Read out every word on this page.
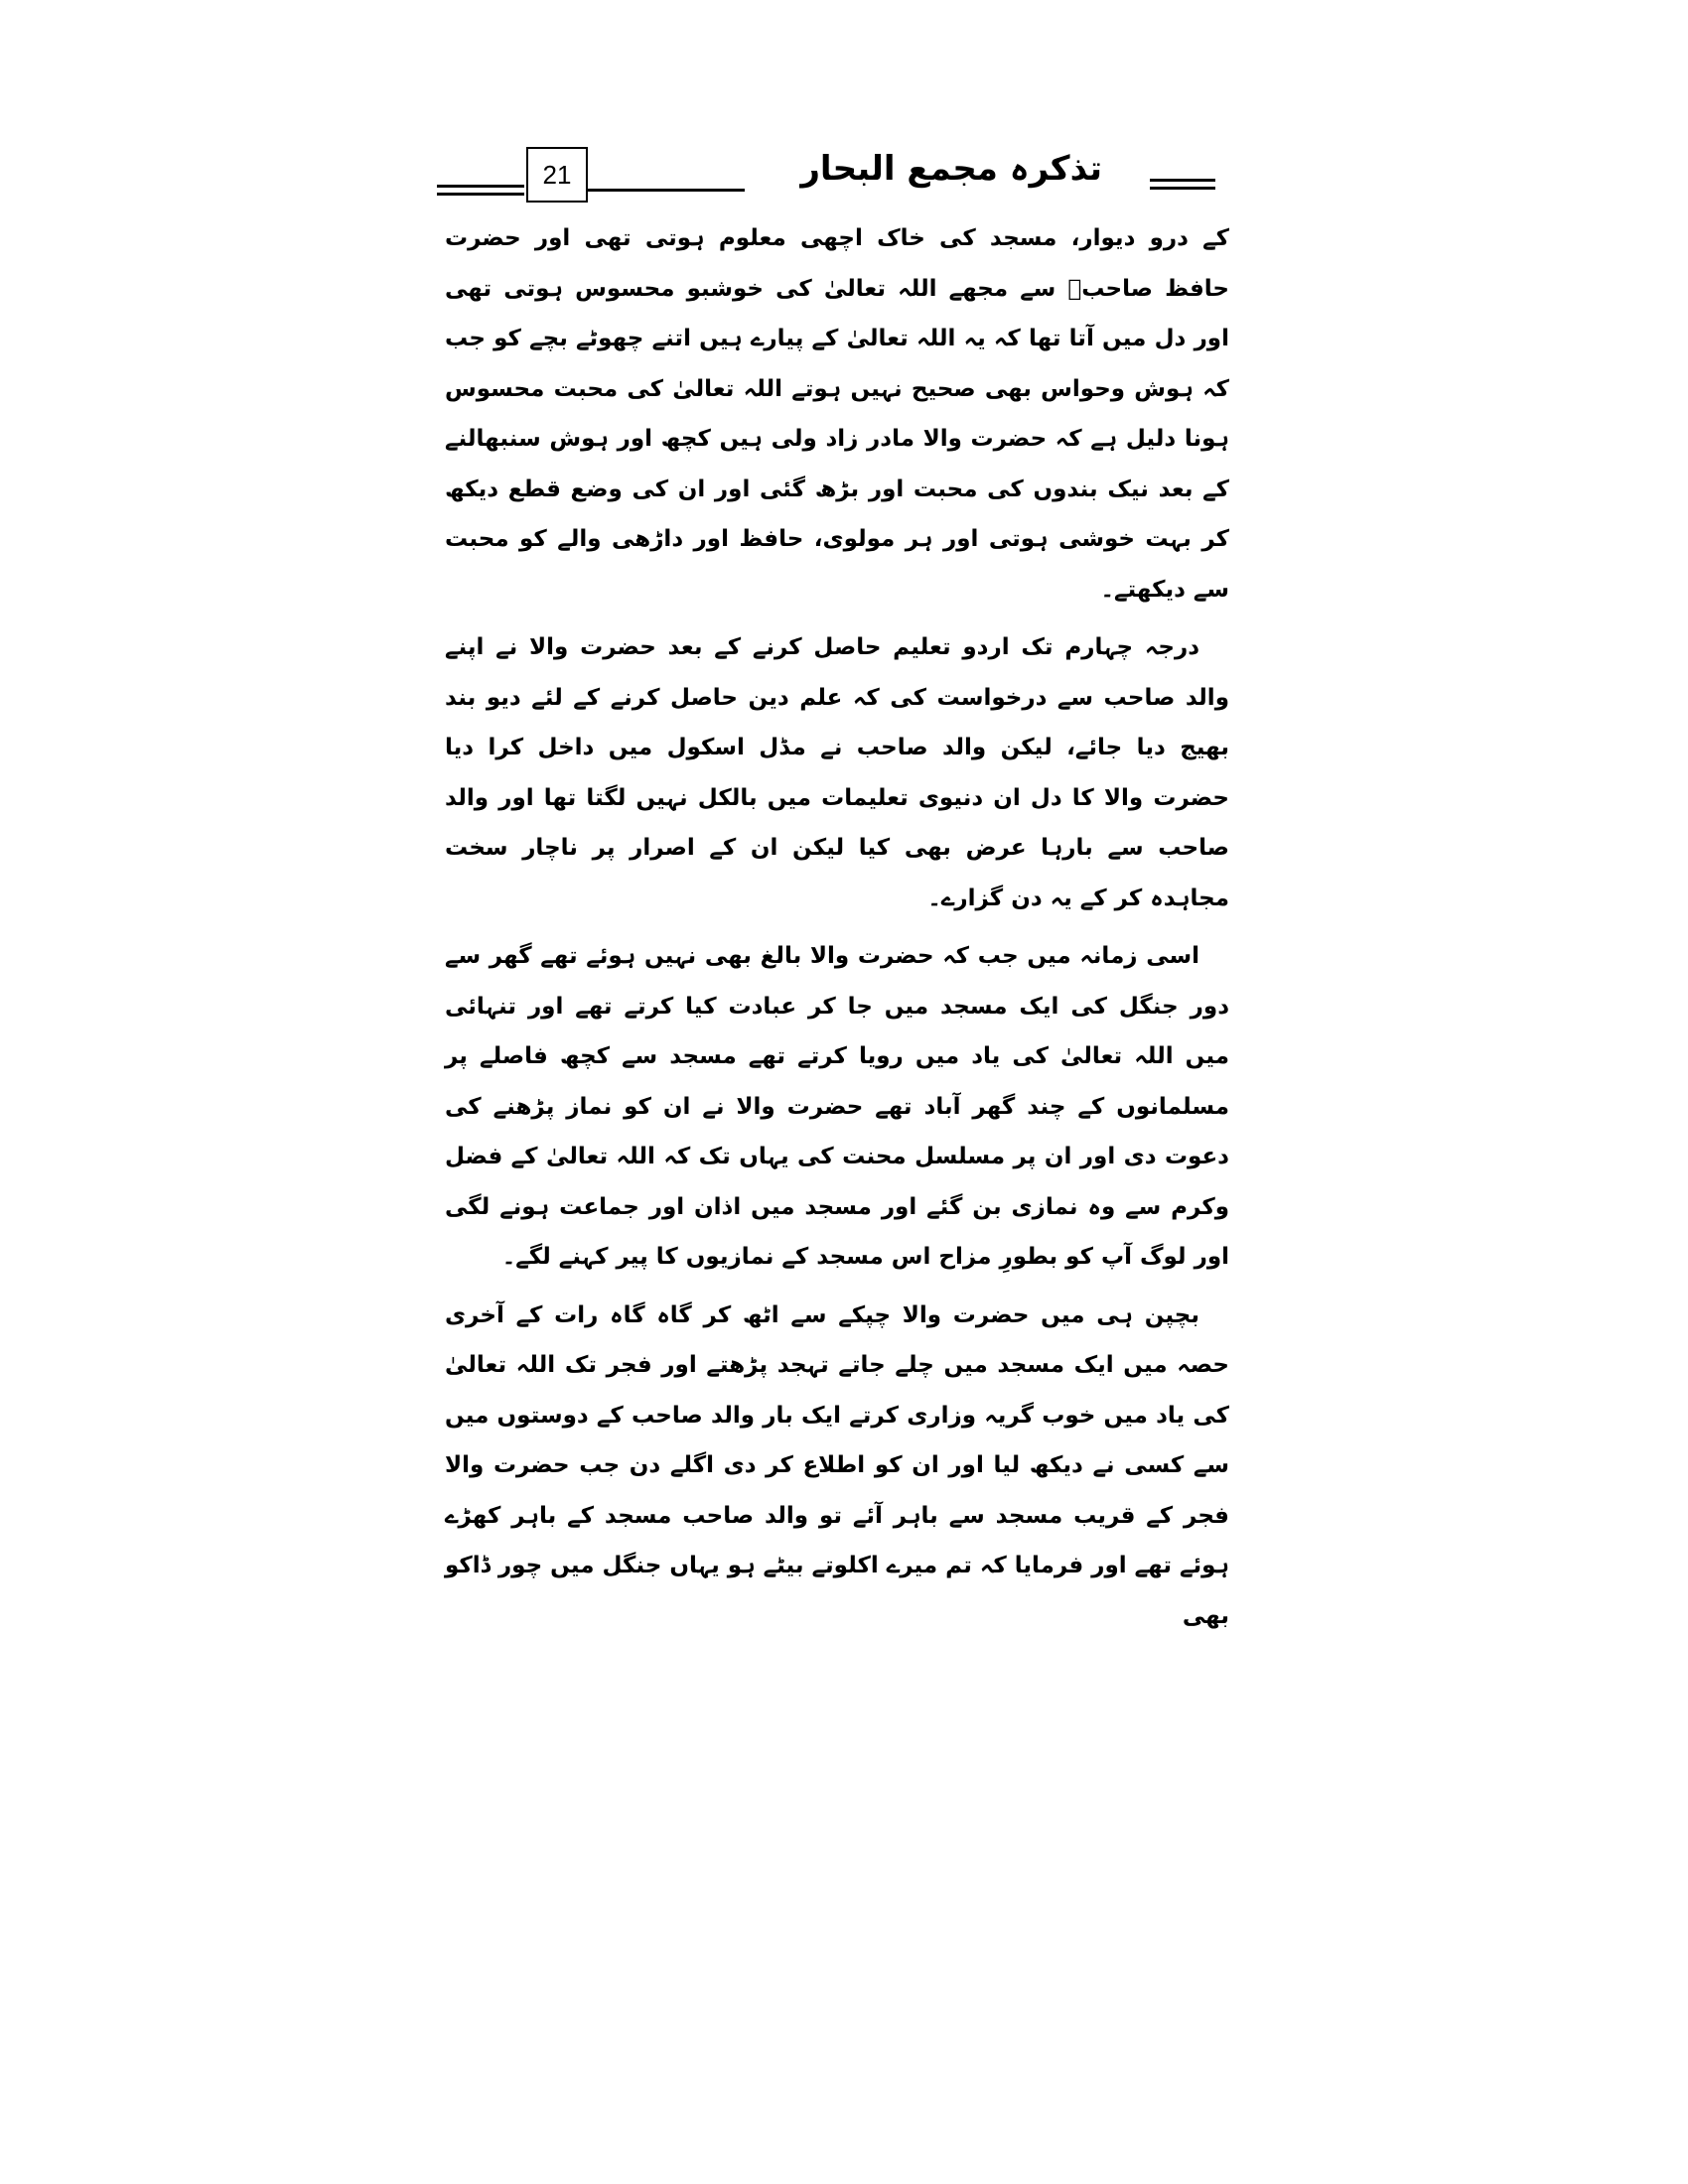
21	تذکرہ مجمع البحار

کے درو دیوار، مسجد کی خاک اچھی معلوم ہوتی تھی اور حضرت حافظ صاحبؒ سے مجھے اللہ تعالیٰ کی خوشبو محسوس ہوتی تھی اور دل میں آتا تھا کہ یہ اللہ تعالیٰ کے پیارے ہیں اتنے چھوٹے بچے کو جب کہ ہوش وحواس بھی صحیح نہیں ہوتے اللہ تعالیٰ کی محبت محسوس ہونا دلیل ہے کہ حضرت والا مادر زاد ولی ہیں کچھ اور ہوش سنبھالنے کے بعد نیک بندوں کی محبت اور بڑھ گئی اور ان کی وضع قطع دیکھ کر بہت خوشی ہوتی اور ہر مولوی، حافظ اور داڑھی والے کو محبت سے دیکھتے۔

درجہ چہارم تک اردو تعلیم حاصل کرنے کے بعد حضرت والا نے اپنے والد صاحب سے درخواست کی کہ علم دین حاصل کرنے کے لئے دیو بند بھیج دیا جائے، لیکن والد صاحب نے مڈل اسکول میں داخل کرا دیا حضرت والا کا دل ان دنیوی تعلیمات میں بالکل نہیں لگتا تھا اور والد صاحب سے بارہا عرض بھی کیا لیکن ان کے اصرار پر ناچار سخت مجاہدہ کر کے یہ دن گزارے۔

اسی زمانہ میں جب کہ حضرت والا بالغ بھی نہیں ہوئے تھے گھر سے دور جنگل کی ایک مسجد میں جا کر عبادت کیا کرتے تھے اور تنہائی میں اللہ تعالیٰ کی یاد میں رویا کرتے تھے مسجد سے کچھ فاصلے پر مسلمانوں کے چند گھر آباد تھے حضرت والا نے ان کو نماز پڑھنے کی دعوت دی اور ان پر مسلسل محنت کی یہاں تک کہ اللہ تعالیٰ کے فضل وکرم سے وہ نمازی بن گئے اور مسجد میں اذان اور جماعت ہونے لگی اور لوگ آپ کو بطورِ مزاح اس مسجد کے نمازیوں کا پیر کہنے لگے۔

بچپن ہی میں حضرت والا چپکے سے اٹھ کر گاہ گاہ رات کے آخری حصہ میں ایک مسجد میں چلے جاتے تہجد پڑھتے اور فجر تک اللہ تعالیٰ کی یاد میں خوب گریہ وزاری کرتے ایک بار والد صاحب کے دوستوں میں سے کسی نے دیکھ لیا اور ان کو اطلاع کر دی اگلے دن جب حضرت والا فجر کے قریب مسجد سے باہر آئے تو والد صاحب مسجد کے باہر کھڑے ہوئے تھے اور فرمایا کہ تم میرے اکلوتے بیٹے ہو یہاں جنگل میں چور ڈاکو بھی
